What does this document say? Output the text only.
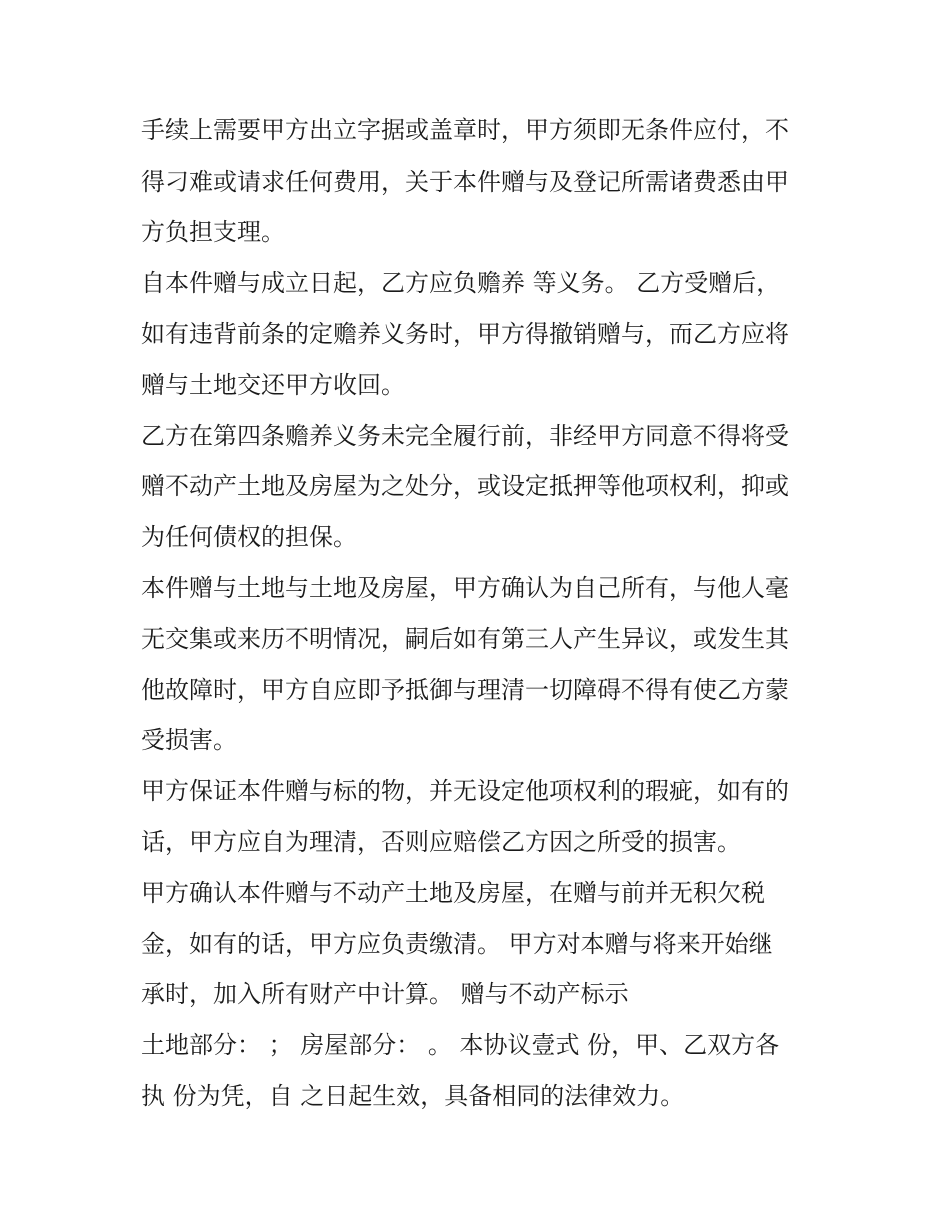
手续上需要甲方出立字据或盖章时，甲方须即无条件应付，不
得刁难或请求任何费用，关于本件赠与及登记所需诸费悉由甲
方负担支理。
自本件赠与成立日起，乙方应负赡养 等义务。 乙方受赠后，
如有违背前条的定赡养义务时，甲方得撤销赠与，而乙方应将
赠与土地交还甲方收回。
乙方在第四条赡养义务未完全履行前，非经甲方同意不得将受
赠不动产土地及房屋为之处分，或设定抵押等他项权利，抑或
为任何债权的担保。
本件赠与土地与土地及房屋，甲方确认为自己所有，与他人毫
无交集或来历不明情况，嗣后如有第三人产生异议，或发生其
他故障时，甲方自应即予抵御与理清一切障碍不得有使乙方蒙
受损害。
甲方保证本件赠与标的物，并无设定他项权利的瑕疵，如有的
话，甲方应自为理清，否则应赔偿乙方因之所受的损害。
甲方确认本件赠与不动产土地及房屋，在赠与前并无积欠税
金，如有的话，甲方应负责缴清。 甲方对本赠与将来开始继
承时，加入所有财产中计算。 赠与不动产标示
土地部分： ； 房屋部分： 。 本协议壹式 份，甲、乙双方各
执 份为凭，自 之日起生效，具备相同的法律效力。
